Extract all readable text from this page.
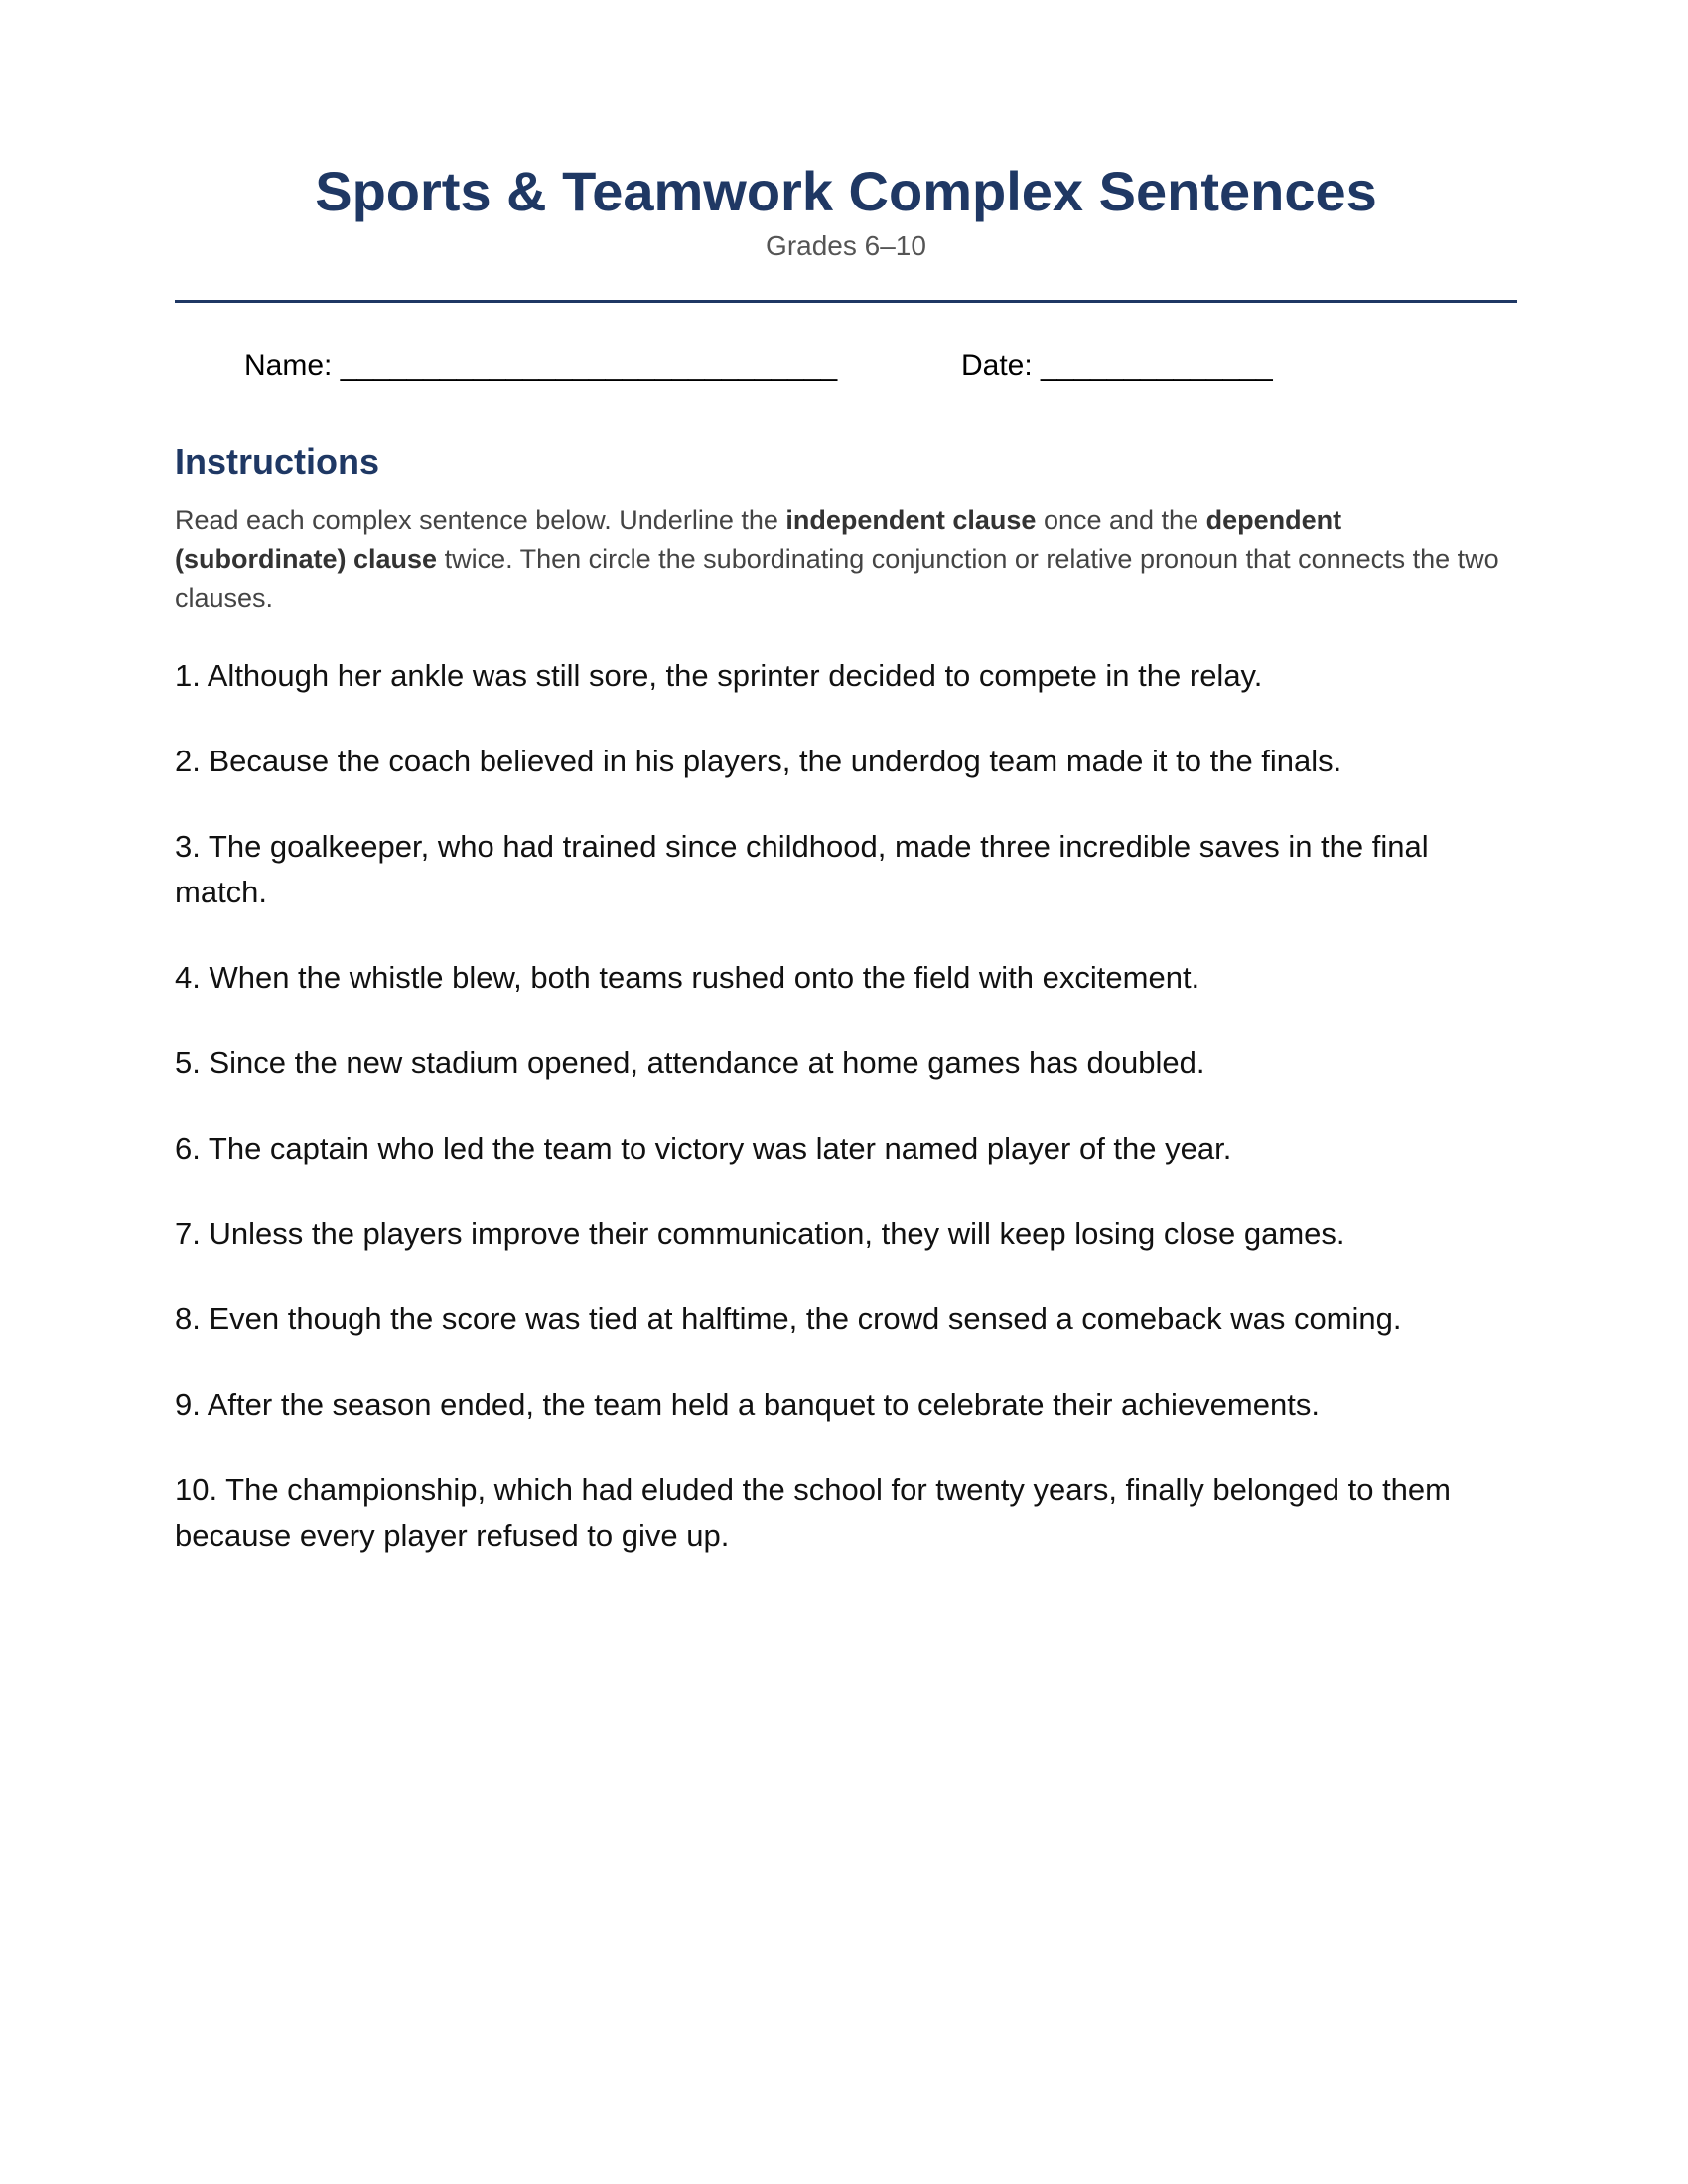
Sports & Teamwork Complex Sentences
Grades 6–10
Name: ______________________________	Date: ______________
Instructions
Read each complex sentence below. Underline the independent clause once and the dependent (subordinate) clause twice. Then circle the subordinating conjunction or relative pronoun that connects the two clauses.
1. Although her ankle was still sore, the sprinter decided to compete in the relay.
2. Because the coach believed in his players, the underdog team made it to the finals.
3. The goalkeeper, who had trained since childhood, made three incredible saves in the final match.
4. When the whistle blew, both teams rushed onto the field with excitement.
5. Since the new stadium opened, attendance at home games has doubled.
6. The captain who led the team to victory was later named player of the year.
7. Unless the players improve their communication, they will keep losing close games.
8. Even though the score was tied at halftime, the crowd sensed a comeback was coming.
9. After the season ended, the team held a banquet to celebrate their achievements.
10. The championship, which had eluded the school for twenty years, finally belonged to them because every player refused to give up.
